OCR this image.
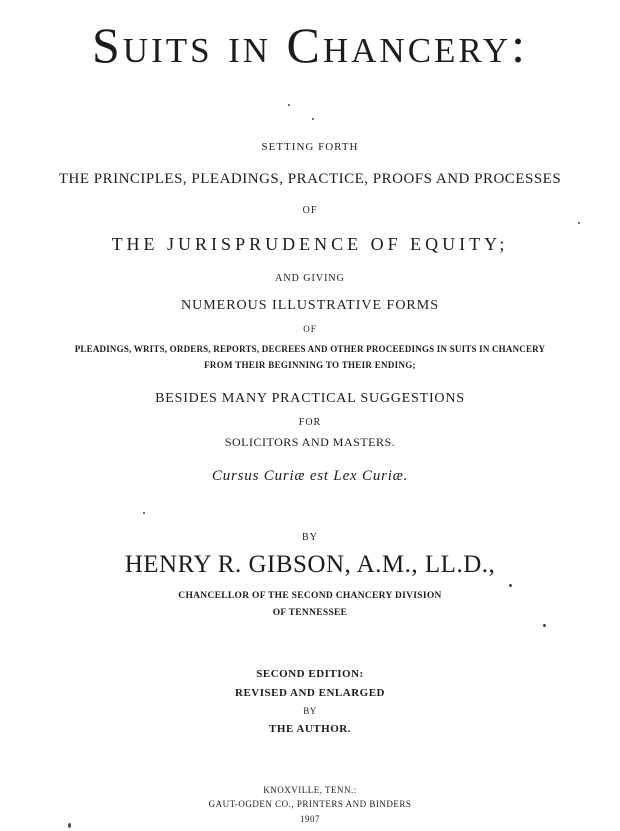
Suits in Chancery:
SETTING FORTH
THE PRINCIPLES, PLEADINGS, PRACTICE, PROOFS AND PROCESSES
OF
THE JURISPRUDENCE OF EQUITY;
AND GIVING
NUMEROUS ILLUSTRATIVE FORMS
OF
PLEADINGS, WRITS, ORDERS, REPORTS, DECREES AND OTHER PROCEEDINGS IN SUITS IN CHANCERY
FROM THEIR BEGINNING TO THEIR ENDING;
BESIDES MANY PRACTICAL SUGGESTIONS
FOR
SOLICITORS AND MASTERS.
Cursus Curiæ est Lex Curiæ.
BY
HENRY R. GIBSON, A.M., LL.D.,
CHANCELLOR OF THE SECOND CHANCERY DIVISION
OF TENNESSEE
SECOND EDITION:
REVISED AND ENLARGED
BY
THE AUTHOR.
KNOXVILLE, TENN.:
GAUT-OGDEN CO., PRINTERS AND BINDERS
1907
